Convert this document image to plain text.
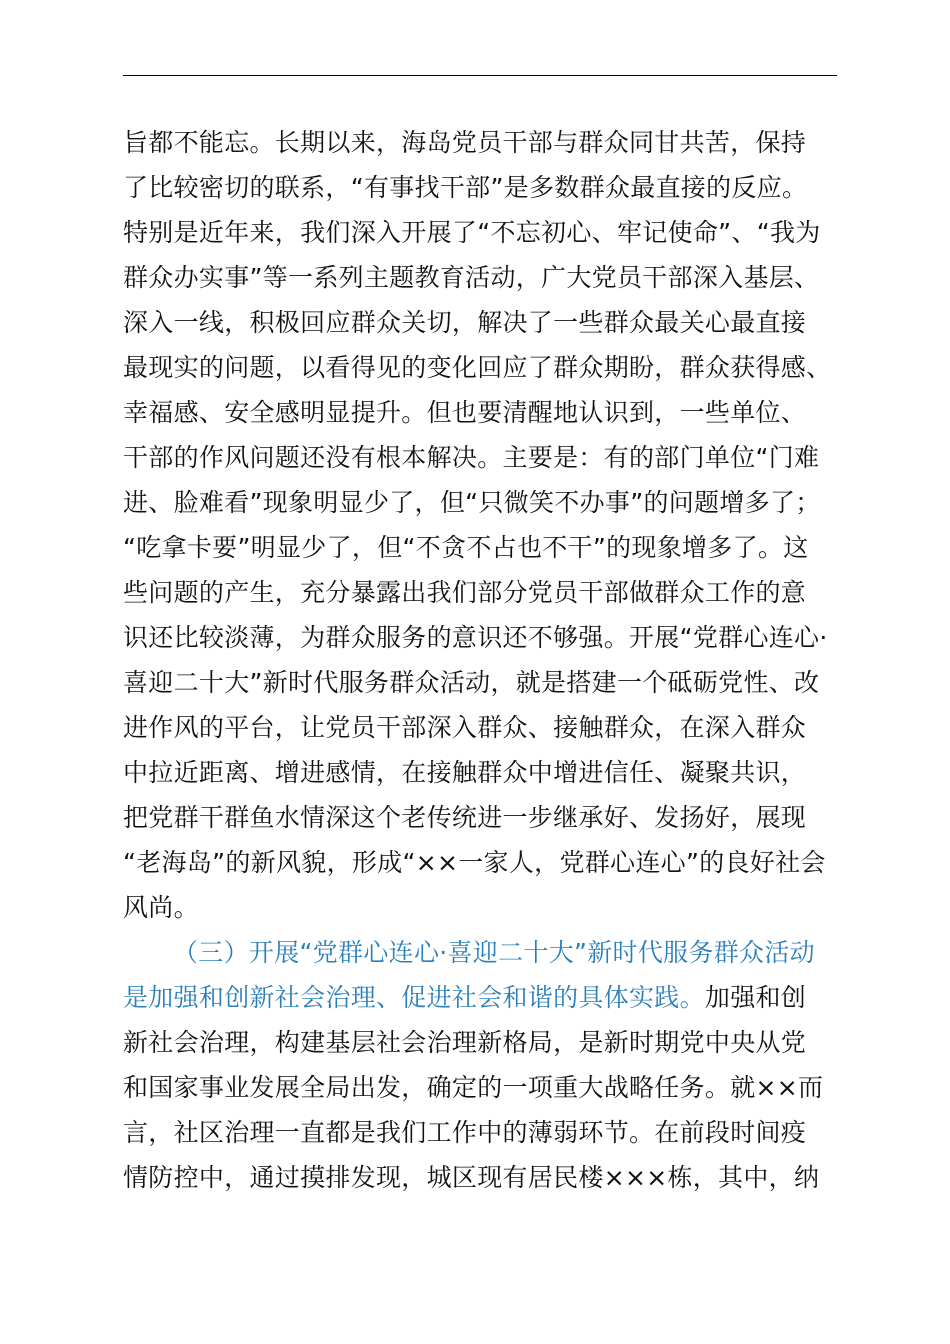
旨都不能忘。长期以来，海岛党员干部与群众同甘共苦，保持
了比较密切的联系，“有事找干部”是多数群众最直接的反应。
特别是近年来，我们深入开展了“不忘初心、牢记使命”、“我为
群众办实事”等一系列主题教育活动，广大党员干部深入基层、
深入一线，积极回应群众关切，解决了一些群众最关心最直接
最现实的问题，以看得见的变化回应了群众期盼，群众获得感、
幸福感、安全感明显提升。但也要清醒地认识到，一些单位、
干部的作风问题还没有根本解决。主要是：有的部门单位“门难
进、脸难看”现象明显少了，但“只微笑不办事”的问题增多了；
“吃拿卡要”明显少了，但“不贪不占也不干”的现象增多了。这
些问题的产生，充分暴露出我们部分党员干部做群众工作的意
识还比较淡薄，为群众服务的意识还不够强。开展“党群心连心·
喜迎二十大”新时代服务群众活动，就是搭建一个砥砺党性、改
进作风的平台，让党员干部深入群众、接触群众，在深入群众
中拉近距离、增进感情，在接触群众中增进信任、凝聚共识，
把党群干群鱼水情深这个老传统进一步继承好、发扬好，展现
“老海岛”的新风貌，形成“××一家人，党群心连心”的良好社会
风尚。
（三）开展“党群心连心·喜迎二十大”新时代服务群众活动
是加强和创新社会治理、促进社会和谐的具体实践。加强和创
新社会治理，构建基层社会治理新格局，是新时期党中央从党
和国家事业发展全局出发，确定的一项重大战略任务。就××而
言，社区治理一直都是我们工作中的薄弱环节。在前段时间疫
情防控中，通过摸排发现，城区现有居民楼×××栋，其中，纳
